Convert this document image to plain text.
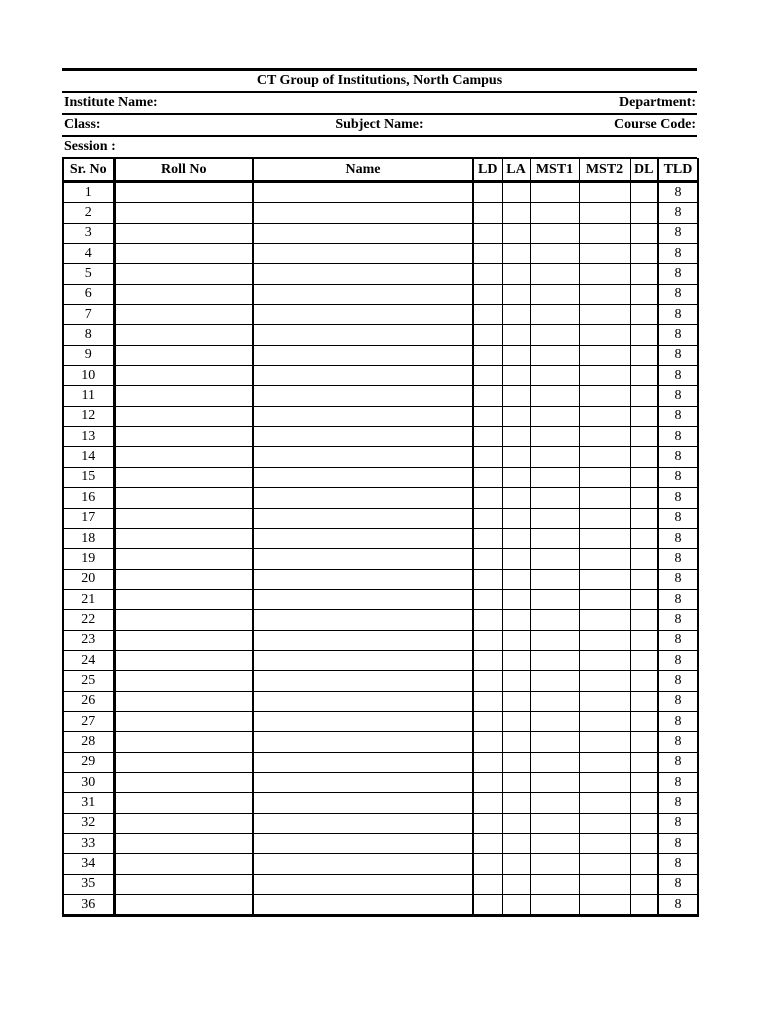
CT Group of Institutions, North Campus		
Institute Name:		Department:
Class:	Subject Name:	Course Code:
Session :		
Sr. No	Roll No	Name	LD	LA	MST1	MST2	DL	TLD
1								8
2								8
3								8
4								8
5								8
6								8
7								8
8								8
9								8
10								8
11								8
12								8
13								8
14								8
15								8
16								8
17								8
18								8
19								8
20								8
21								8
22								8
23								8
24								8
25								8
26								8
27								8
28								8
29								8
30								8
31								8
32								8
33								8
34								8
35								8
36								8
